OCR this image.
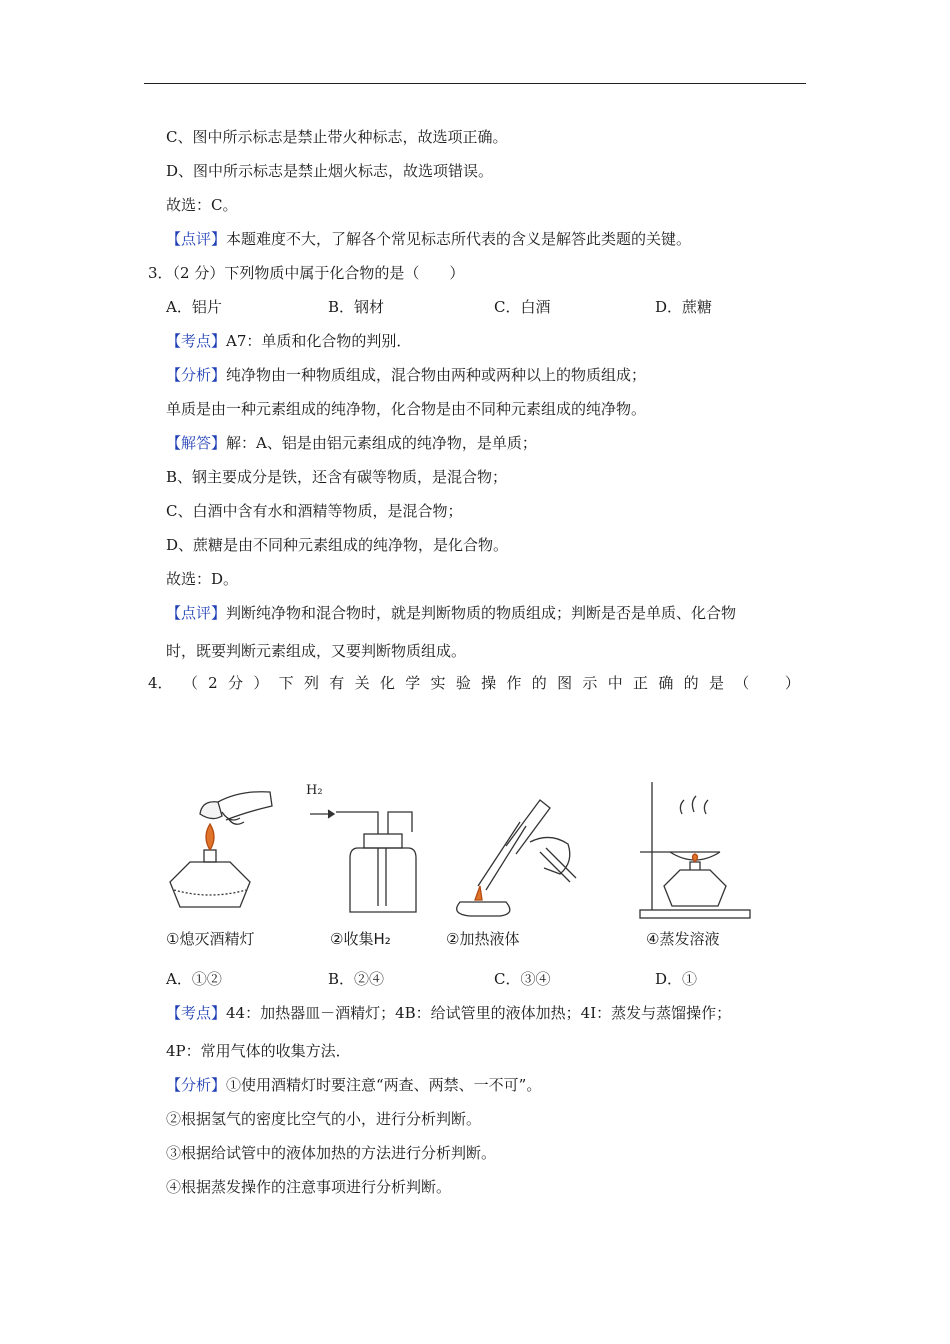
C、图中所示标志是禁止带火种标志，故选项正确。
D、图中所示标志是禁止烟火标志，故选项错误。
故选：C。
【点评】本题难度不大，了解各个常见标志所代表的含义是解答此类题的关键。
3．（2 分）下列物质中属于化合物的是（　　）
A．铝片	B．钢材	C．白酒	D．蔗糖
【考点】A7：单质和化合物的判别．
【分析】纯净物由一种物质组成，混合物由两种或两种以上的物质组成；
单质是由一种元素组成的纯净物，化合物是由不同种元素组成的纯净物。
【解答】解：A、铝是由铝元素组成的纯净物，是单质；
B、钢主要成分是铁，还含有碳等物质，是混合物；
C、白酒中含有水和酒精等物质，是混合物；
D、蔗糖是由不同种元素组成的纯净物，是化合物。
故选：D。
【点评】判断纯净物和混合物时，就是判断物质的物质组成；判断是否是单质、化合物
时，既要判断元素组成，又要判断物质组成。
4． （ 2 分 ） 下 列 有 关 化 学 实 验 操 作 的 图 示 中 正 确 的 是 （
　 ）
H₂
①熄灭酒精灯	②收集H₂	②加热液体	④蒸发溶液
A．①②	B．②④	C．③④	D．①
【考点】44：加热器皿－酒精灯；4B：给试管里的液体加热；4I：蒸发与蒸馏操作；
4P：常用气体的收集方法．
【分析】①使用酒精灯时要注意“两查、两禁、一不可”。
②根据氢气的密度比空气的小，进行分析判断。
③根据给试管中的液体加热的方法进行分析判断。
④根据蒸发操作的注意事项进行分析判断。
